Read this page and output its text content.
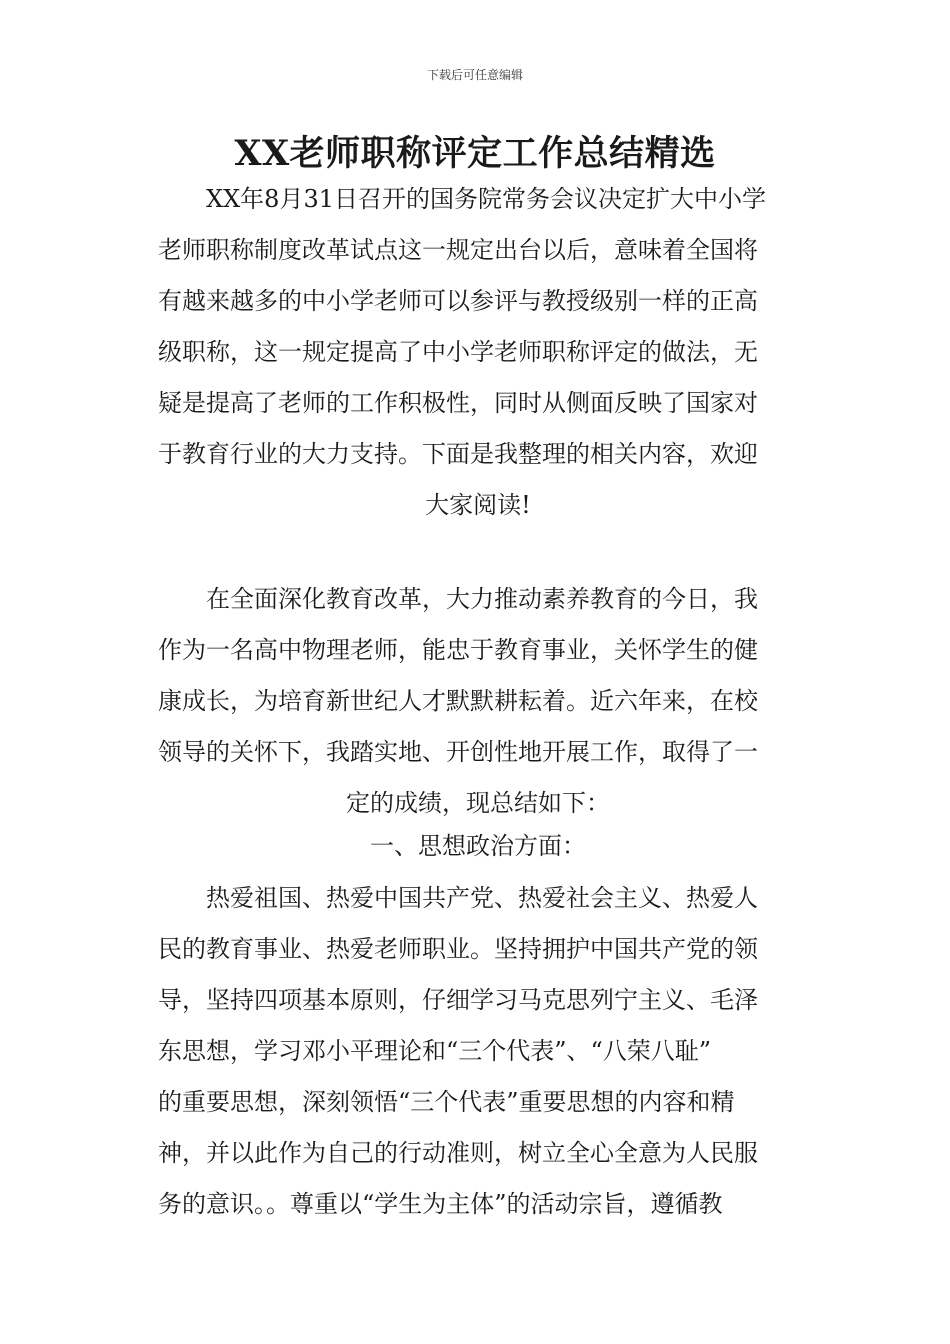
下载后可任意编辑
XX老师职称评定工作总结精选
XX年8月31日召开的国务院常务会议决定扩大中小学
老师职称制度改革试点这一规定出台以后，意味着全国将
有越来越多的中小学老师可以参评与教授级别一样的正高
级职称，这一规定提高了中小学老师职称评定的做法，无
疑是提高了老师的工作积极性，同时从侧面反映了国家对
于教育行业的大力支持。下面是我整理的相关内容，欢迎
大家阅读!
在全面深化教育改革，大力推动素养教育的今日，我
作为一名高中物理老师，能忠于教育事业，关怀学生的健
康成长，为培育新世纪人才默默耕耘着。近六年来，在校
领导的关怀下，我踏实地、开创性地开展工作，取得了一
定的成绩，现总结如下：
一、思想政治方面：
热爱祖国、热爱中国共产党、热爱社会主义、热爱人
民的教育事业、热爱老师职业。坚持拥护中国共产党的领
导，坚持四项基本原则，仔细学习马克思列宁主义、毛泽
东思想，学习邓小平理论和“三个代表”、“八荣八耻”
的重要思想，深刻领悟“三个代表”重要思想的内容和精
神，并以此作为自己的行动准则，树立全心全意为人民服
务的意识。。尊重以“学生为主体”的活动宗旨，遵循教
